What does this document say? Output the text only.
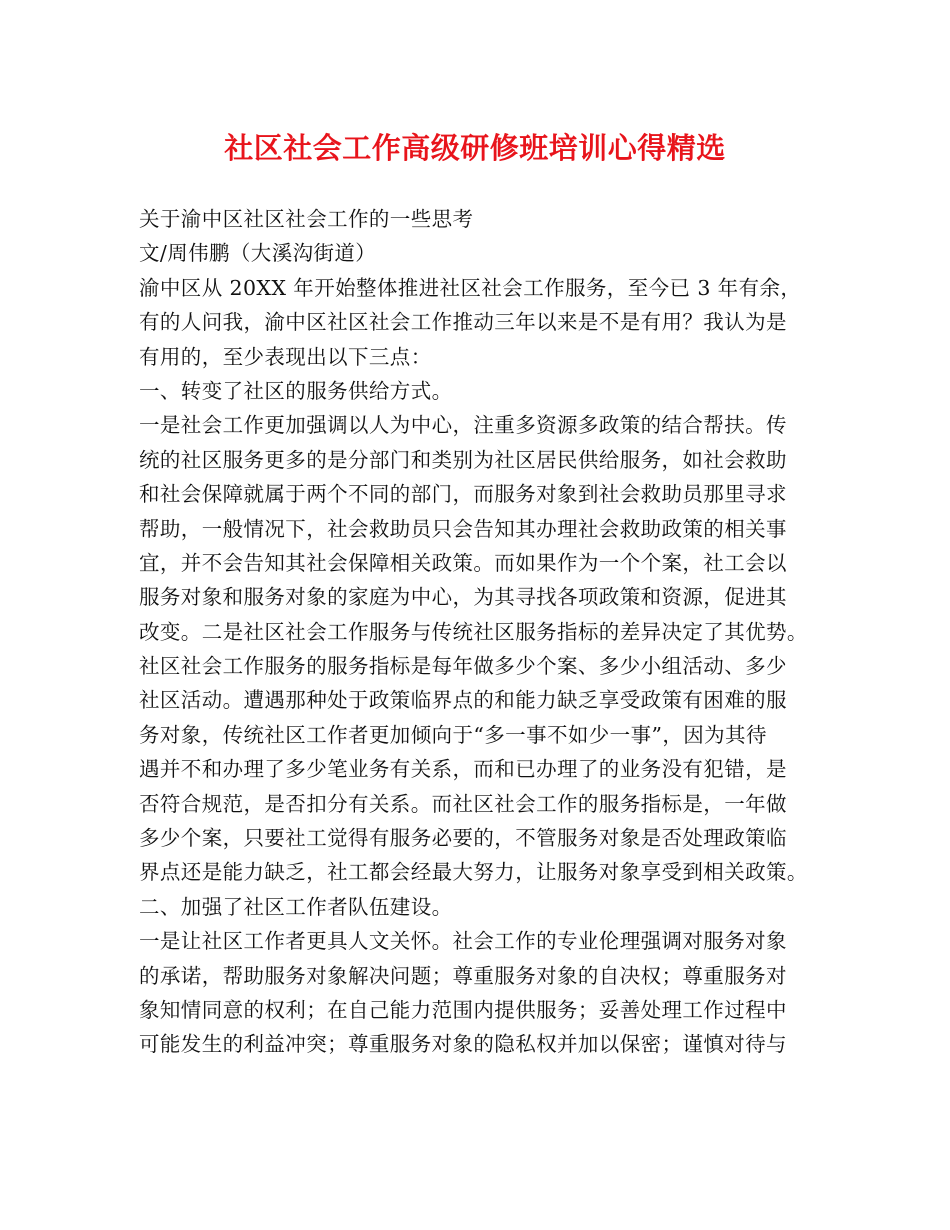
社区社会工作高级研修班培训心得精选
关于渝中区社区社会工作的一些思考
文/周伟鹏（大溪沟街道）
渝中区从 20XX 年开始整体推进社区社会工作服务，至今已 3 年有余，
有的人问我，渝中区社区社会工作推动三年以来是不是有用？我认为是
有用的，至少表现出以下三点：
一、转变了社区的服务供给方式。
一是社会工作更加强调以人为中心，注重多资源多政策的结合帮扶。传
统的社区服务更多的是分部门和类别为社区居民供给服务，如社会救助
和社会保障就属于两个不同的部门，而服务对象到社会救助员那里寻求
帮助，一般情况下，社会救助员只会告知其办理社会救助政策的相关事
宜，并不会告知其社会保障相关政策。而如果作为一个个案，社工会以
服务对象和服务对象的家庭为中心，为其寻找各项政策和资源，促进其
改变。二是社区社会工作服务与传统社区服务指标的差异决定了其优势。
社区社会工作服务的服务指标是每年做多少个案、多少小组活动、多少
社区活动。遭遇那种处于政策临界点的和能力缺乏享受政策有困难的服
务对象，传统社区工作者更加倾向于“多一事不如少一事”，因为其待
遇并不和办理了多少笔业务有关系，而和已办理了的业务没有犯错，是
否符合规范，是否扣分有关系。而社区社会工作的服务指标是，一年做
多少个案，只要社工觉得有服务必要的，不管服务对象是否处理政策临
界点还是能力缺乏，社工都会经最大努力，让服务对象享受到相关政策。
二、加强了社区工作者队伍建设。
一是让社区工作者更具人文关怀。社会工作的专业伦理强调对服务对象
的承诺，帮助服务对象解决问题；尊重服务对象的自决权；尊重服务对
象知情同意的权利；在自己能力范围内提供服务；妥善处理工作过程中
可能发生的利益冲突；尊重服务对象的隐私权并加以保密；谨慎对待与
